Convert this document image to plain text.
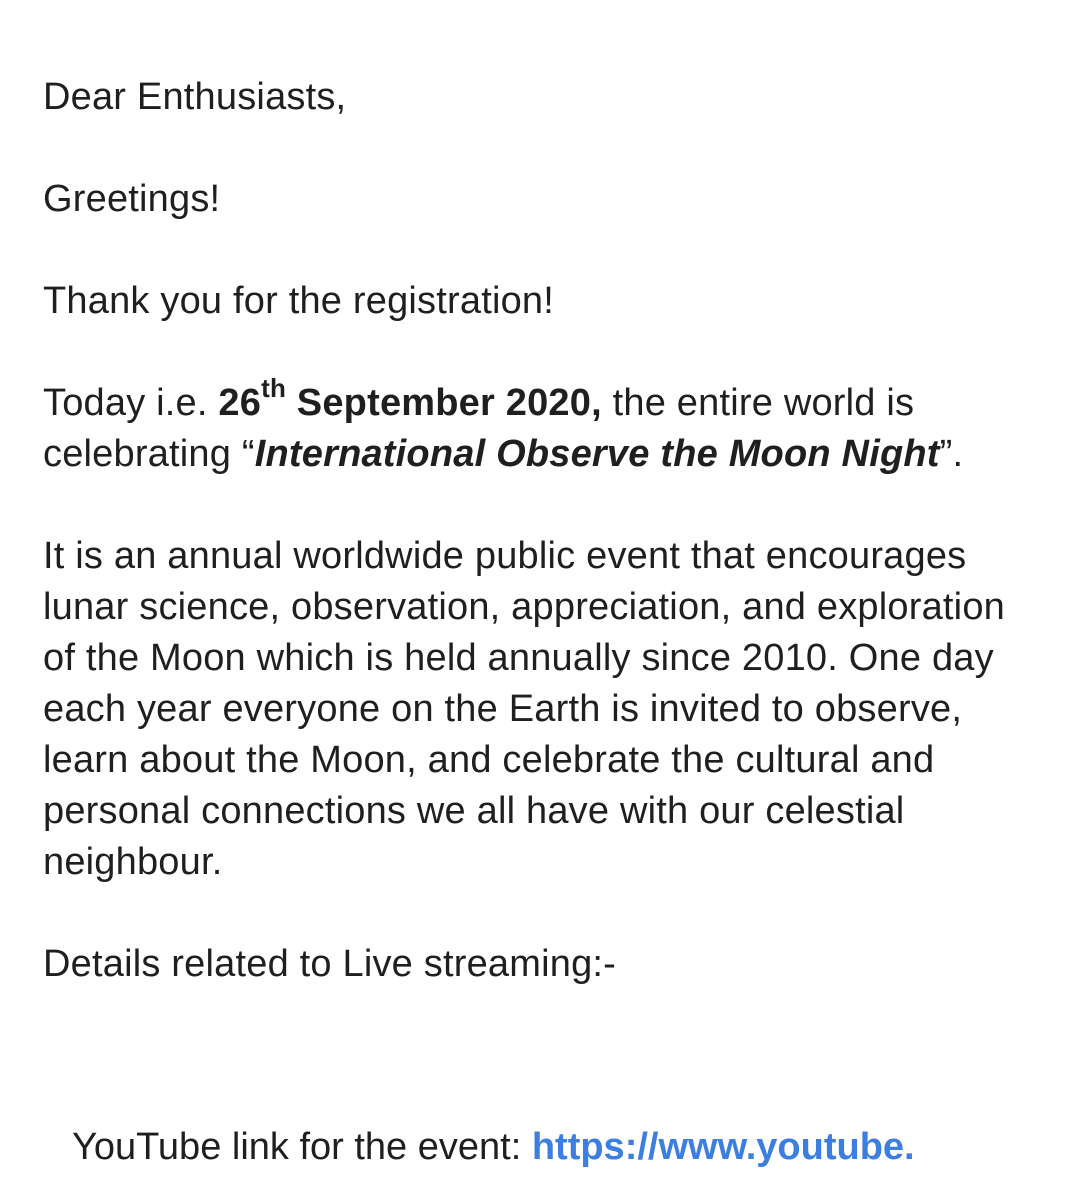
Dear Enthusiasts,

Greetings!

Thank you for the registration!

Today i.e. 26th September 2020, the entire world is celebrating “International Observe the Moon Night”.

It is an annual worldwide public event that encourages lunar science, observation, appreciation, and exploration of the Moon which is held annually since 2010. One day each year everyone on the Earth is invited to observe, learn about the Moon, and celebrate the cultural and personal connections we all have with our celestial neighbour.

Details related to Live streaming:-

YouTube link for the event: https://www.youtube.
